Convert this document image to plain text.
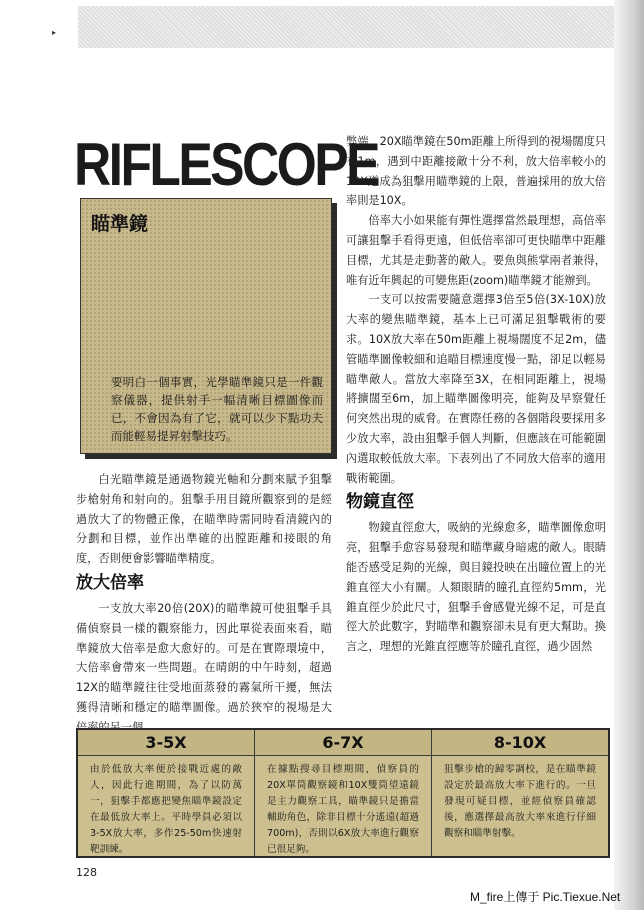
▸
RIFLESCOPE
瞄準鏡
要明白一個事實，光學瞄準鏡只是一件觀察儀器，提供射手一幅清晰目標圖像而已，不會因為有了它，就可以少下點功夫而能輕易提昇射擊技巧。

白光瞄準鏡是通過物鏡光軸和分劃來賦予狙擊步槍射角和射向的。狙擊手用目鏡所觀察到的是經過放大了的物體正像，在瞄準時需同時看清鏡內的分劃和目標，並作出準確的出膛距離和接眼的角度，否則便會影響瞄準精度。

放大倍率

一支放大率20倍(20X)的瞄準鏡可使狙擊手具備偵察員一樣的觀察能力，因此單從表面來看，瞄準鏡放大倍率是愈大愈好的。可是在實際環境中，大倍率會帶來一些問題。在晴朗的中午時刻，超過12X的瞄準鏡往往受地面蒸發的霧氣所干擾，無法獲得清晰和穩定的瞄準圖像。過於狹窄的視場是大

弊端，20X瞄準鏡在50m距離上所得到的視場闊度只有1m，遇到中距離接敵十分不利，放大倍率較小的12X遂成為狙擊用瞄準鏡的上限，普遍採用的放大倍率則是10X。

倍率大小如果能有彈性選擇當然最理想，高倍率可讓狙擊手看得更遠，但低倍率卻可更快瞄準中距離目標，尤其是走動著的敵人。要魚與熊掌兩者兼得，唯有近年興起的可變焦距(zoom)瞄準鏡才能辦到。

一支可以按需要隨意選擇3倍至5倍(3X-10X)放大率的變焦瞄準鏡，基本上已可滿足狙擊戰術的要求。10X放大率在50m距離上視場闊度不足2m，儘管瞄準圖像較細和追瞄目標速度慢一點，卻足以輕易瞄準敵人。當放大率降至3X，在相同距離上，視場將擴闊至6m，加上瞄準圖像明亮，能夠及早察覺任何突然出現的威脅。在實際任務的各個階段要採用多少放大率，設由狙擊手個人判斷，但應該在可能範圍內選取較低放大率。下表列出了不同放大倍率的適用戰術範圍。

物鏡直徑

物鏡直徑愈大，吸納的光線愈多，瞄準圖像愈明亮，狙擊手愈容易發現和瞄準藏身暗處的敵人。眼睛能否感受足夠的光線，與目鏡投映在出瞳位置上的光錐直徑大小有關。人類眼睛的瞳孔直徑約5mm，光錐直徑少於此尺寸，狙擊手會感覺光線不足，可是直徑大於此數字，對瞄準和觀察卻未見有更大幫助。換言之，理想的光錐直徑應等於瞳孔直徑，過少固然

3-5X
由於低放大率便於接戰近處的敵人，因此行進期間，為了以防萬一，狙擊手都應把變焦瞄準鏡設定在最低放大率上。平時學員必須以3-5X放大率，多作25-50m快速射靶訓練。
6-7X
在據點搜尋目標期間，偵察員的20X單筒觀察鏡和10X雙筒望遠鏡是主力觀察工具，瞄準鏡只是擔當輔助角色，除非目標十分遙遠(超過700m)，否則以6X放大率進行觀察已很足夠。
8-10X
狙擊步槍的歸零調校，是在瞄準鏡設定於最高放大率下進行的。一旦發現可疑目標，並經偵察員確認後，應選擇最高放大率來進行仔細觀察和瞄準射擊。
128
M_fire上傳于 Pic.Tiexue.Net
